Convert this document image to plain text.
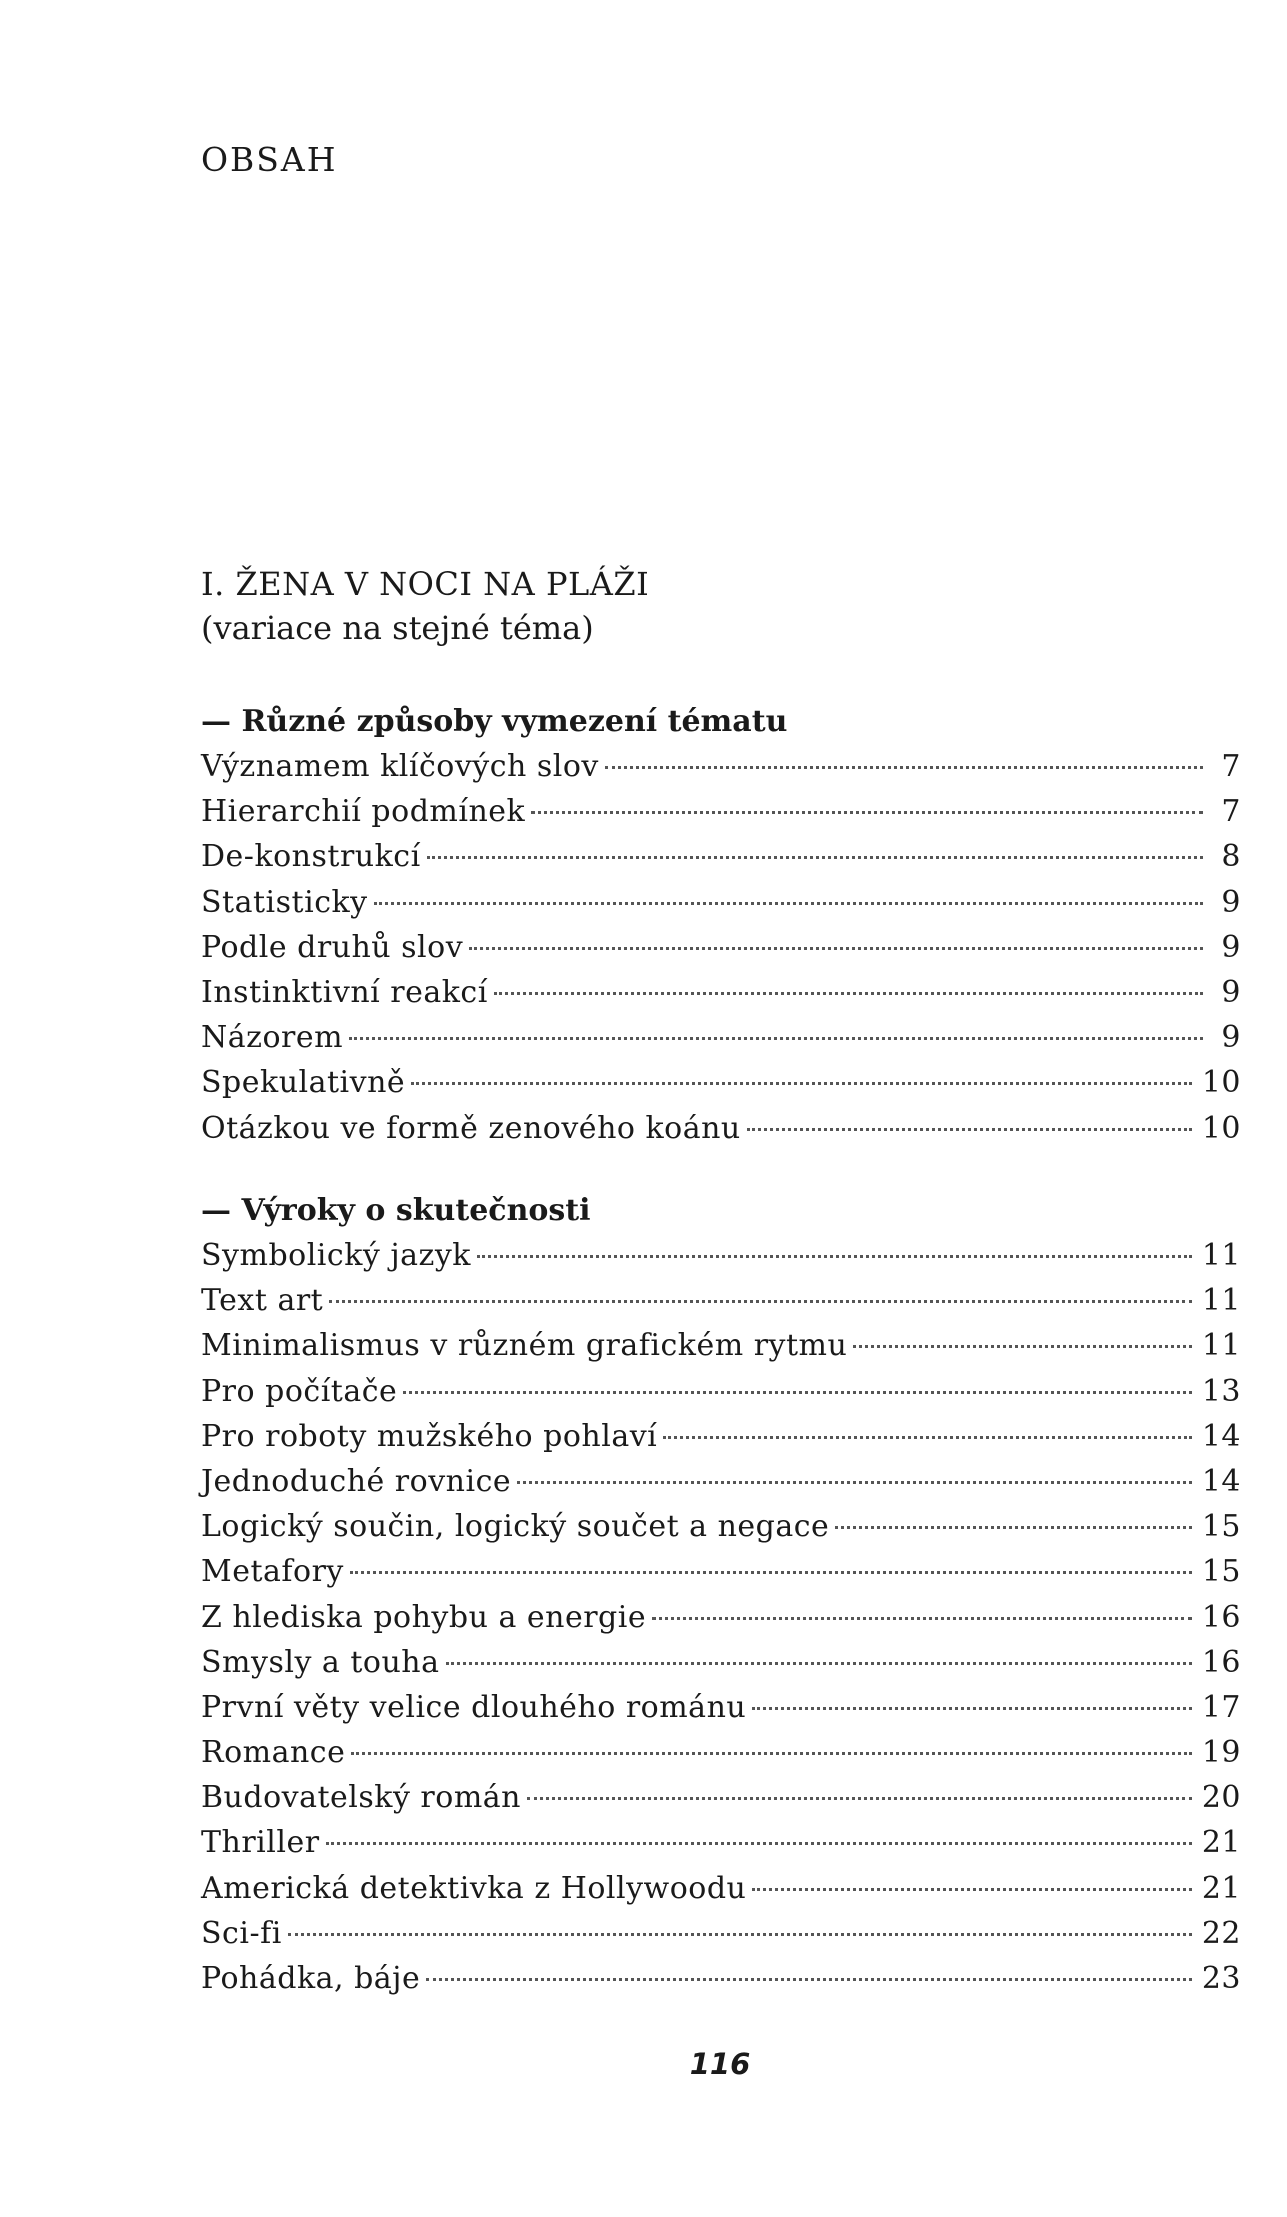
OBSAH
I. ŽENA V NOCI NA PLÁŽI

(variace na stejné téma)

— Různé způsoby vymezení tématu
Významem klíčových slov	7
Hierarchií podmínek	7
De-konstrukcí	8
Statisticky	9
Podle druhů slov	9
Instinktivní reakcí	9
Názorem	9
Spekulativně	10
Otázkou ve formě zenového koánu	10
— Výroky o skutečnosti
Symbolický jazyk	11
Text art	11
Minimalismus v různém grafickém rytmu	11
Pro počítače	13
Pro roboty mužského pohlaví	14
Jednoduché rovnice	14
Logický součin, logický součet a negace	15
Metafory	15
Z hlediska pohybu a energie	16
Smysly a touha	16
První věty velice dlouhého románu	17
Romance	19
Budovatelský román	20
Thriller	21
Americká detektivka z Hollywoodu	21
Sci-fi	22
Pohádka, báje	23
116
